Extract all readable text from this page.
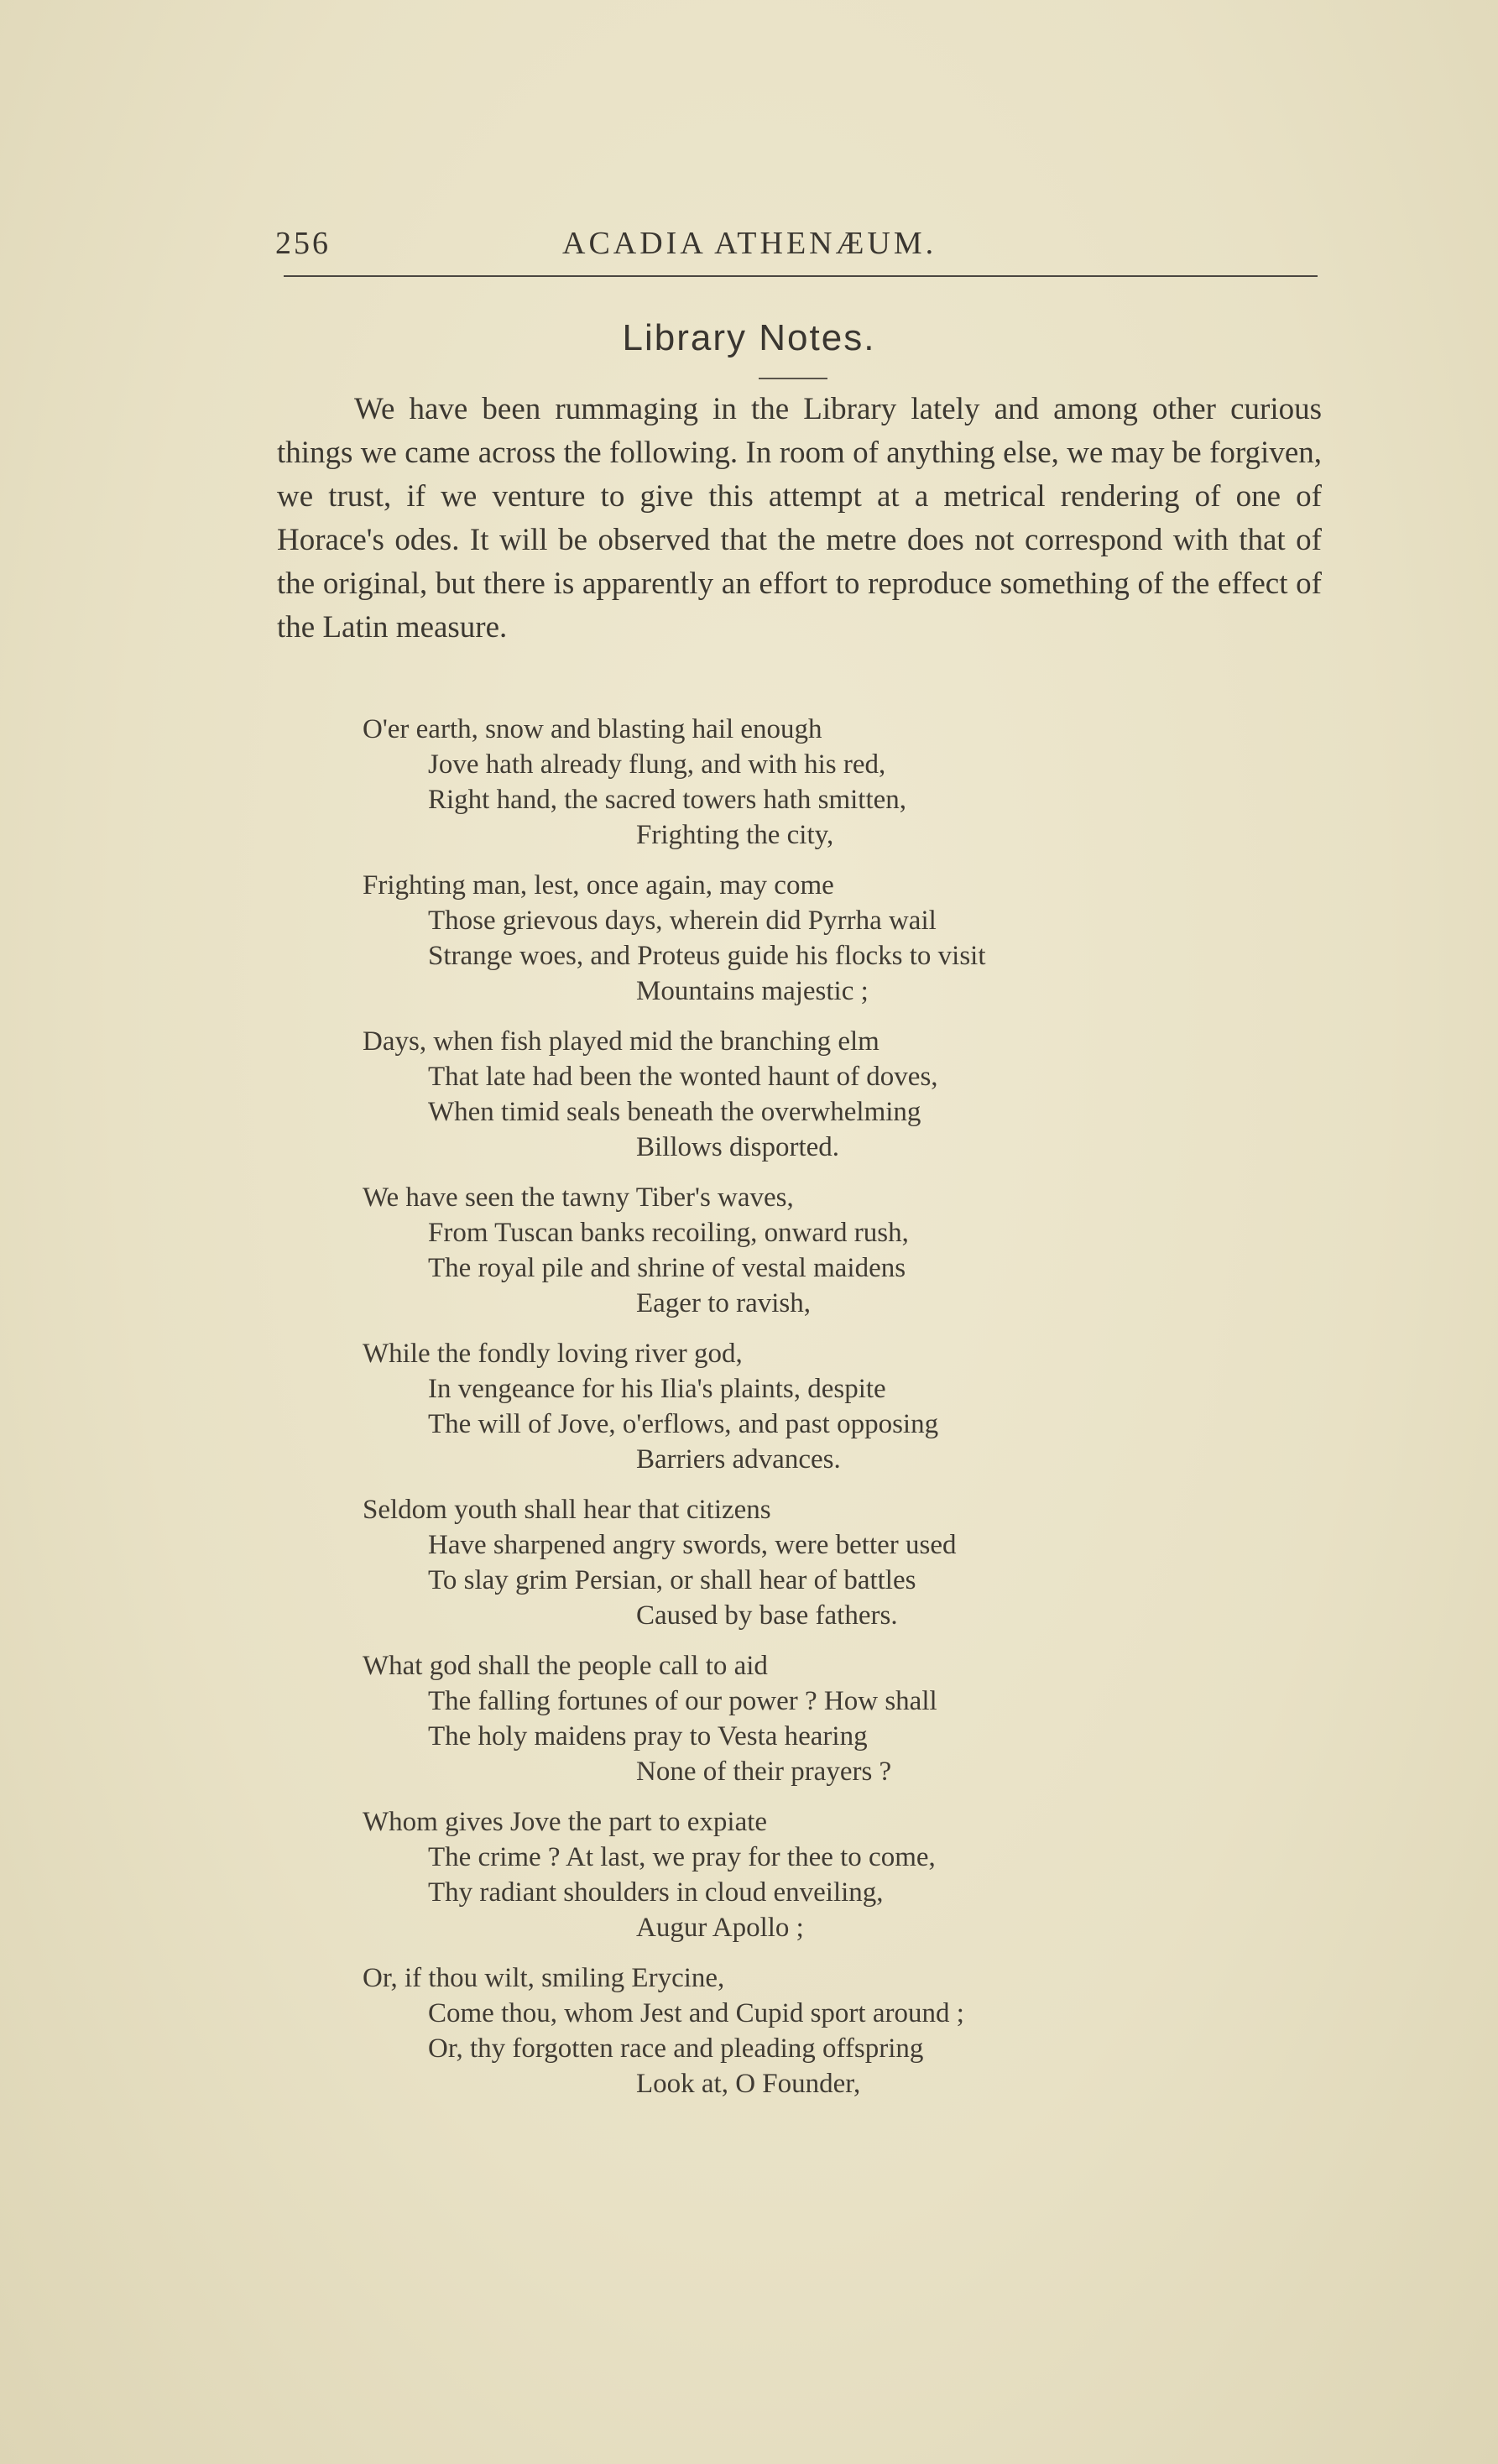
256	ACADIA ATHENÆUM.
Library Notes.
We have been rummaging in the Library lately and among other curious things we came across the following. In room of anything else, we may be forgiven, we trust, if we venture to give this attempt at a metrical rendering of one of Horace's odes. It will be observed that the metre does not correspond with that of the original, but there is apparently an effort to reproduce something of the effect of the Latin measure.
O'er earth, snow and blasting hail enough
Jove hath already flung, and with his red,
Right hand, the sacred towers hath smitten,
Frighting the city,
Frighting man, lest, once again, may come
Those grievous days, wherein did Pyrrha wail
Strange woes, and Proteus guide his flocks to visit
Mountains majestic ;
Days, when fish played mid the branching elm
That late had been the wonted haunt of doves,
When timid seals beneath the overwhelming
Billows disported.
We have seen the tawny Tiber's waves,
From Tuscan banks recoiling, onward rush,
The royal pile and shrine of vestal maidens
Eager to ravish,
While the fondly loving river god,
In vengeance for his Ilia's plaints, despite
The will of Jove, o'erflows, and past opposing
Barriers advances.
Seldom youth shall hear that citizens
Have sharpened angry swords, were better used
To slay grim Persian, or shall hear of battles
Caused by base fathers.
What god shall the people call to aid
The falling fortunes of our power ? How shall
The holy maidens pray to Vesta hearing
None of their prayers ?
Whom gives Jove the part to expiate
The crime ? At last, we pray for thee to come,
Thy radiant shoulders in cloud enveiling,
Augur Apollo ;
Or, if thou wilt, smiling Erycine,
Come thou, whom Jest and Cupid sport around ;
Or, thy forgotten race and pleading offspring
Look at, O Founder,
